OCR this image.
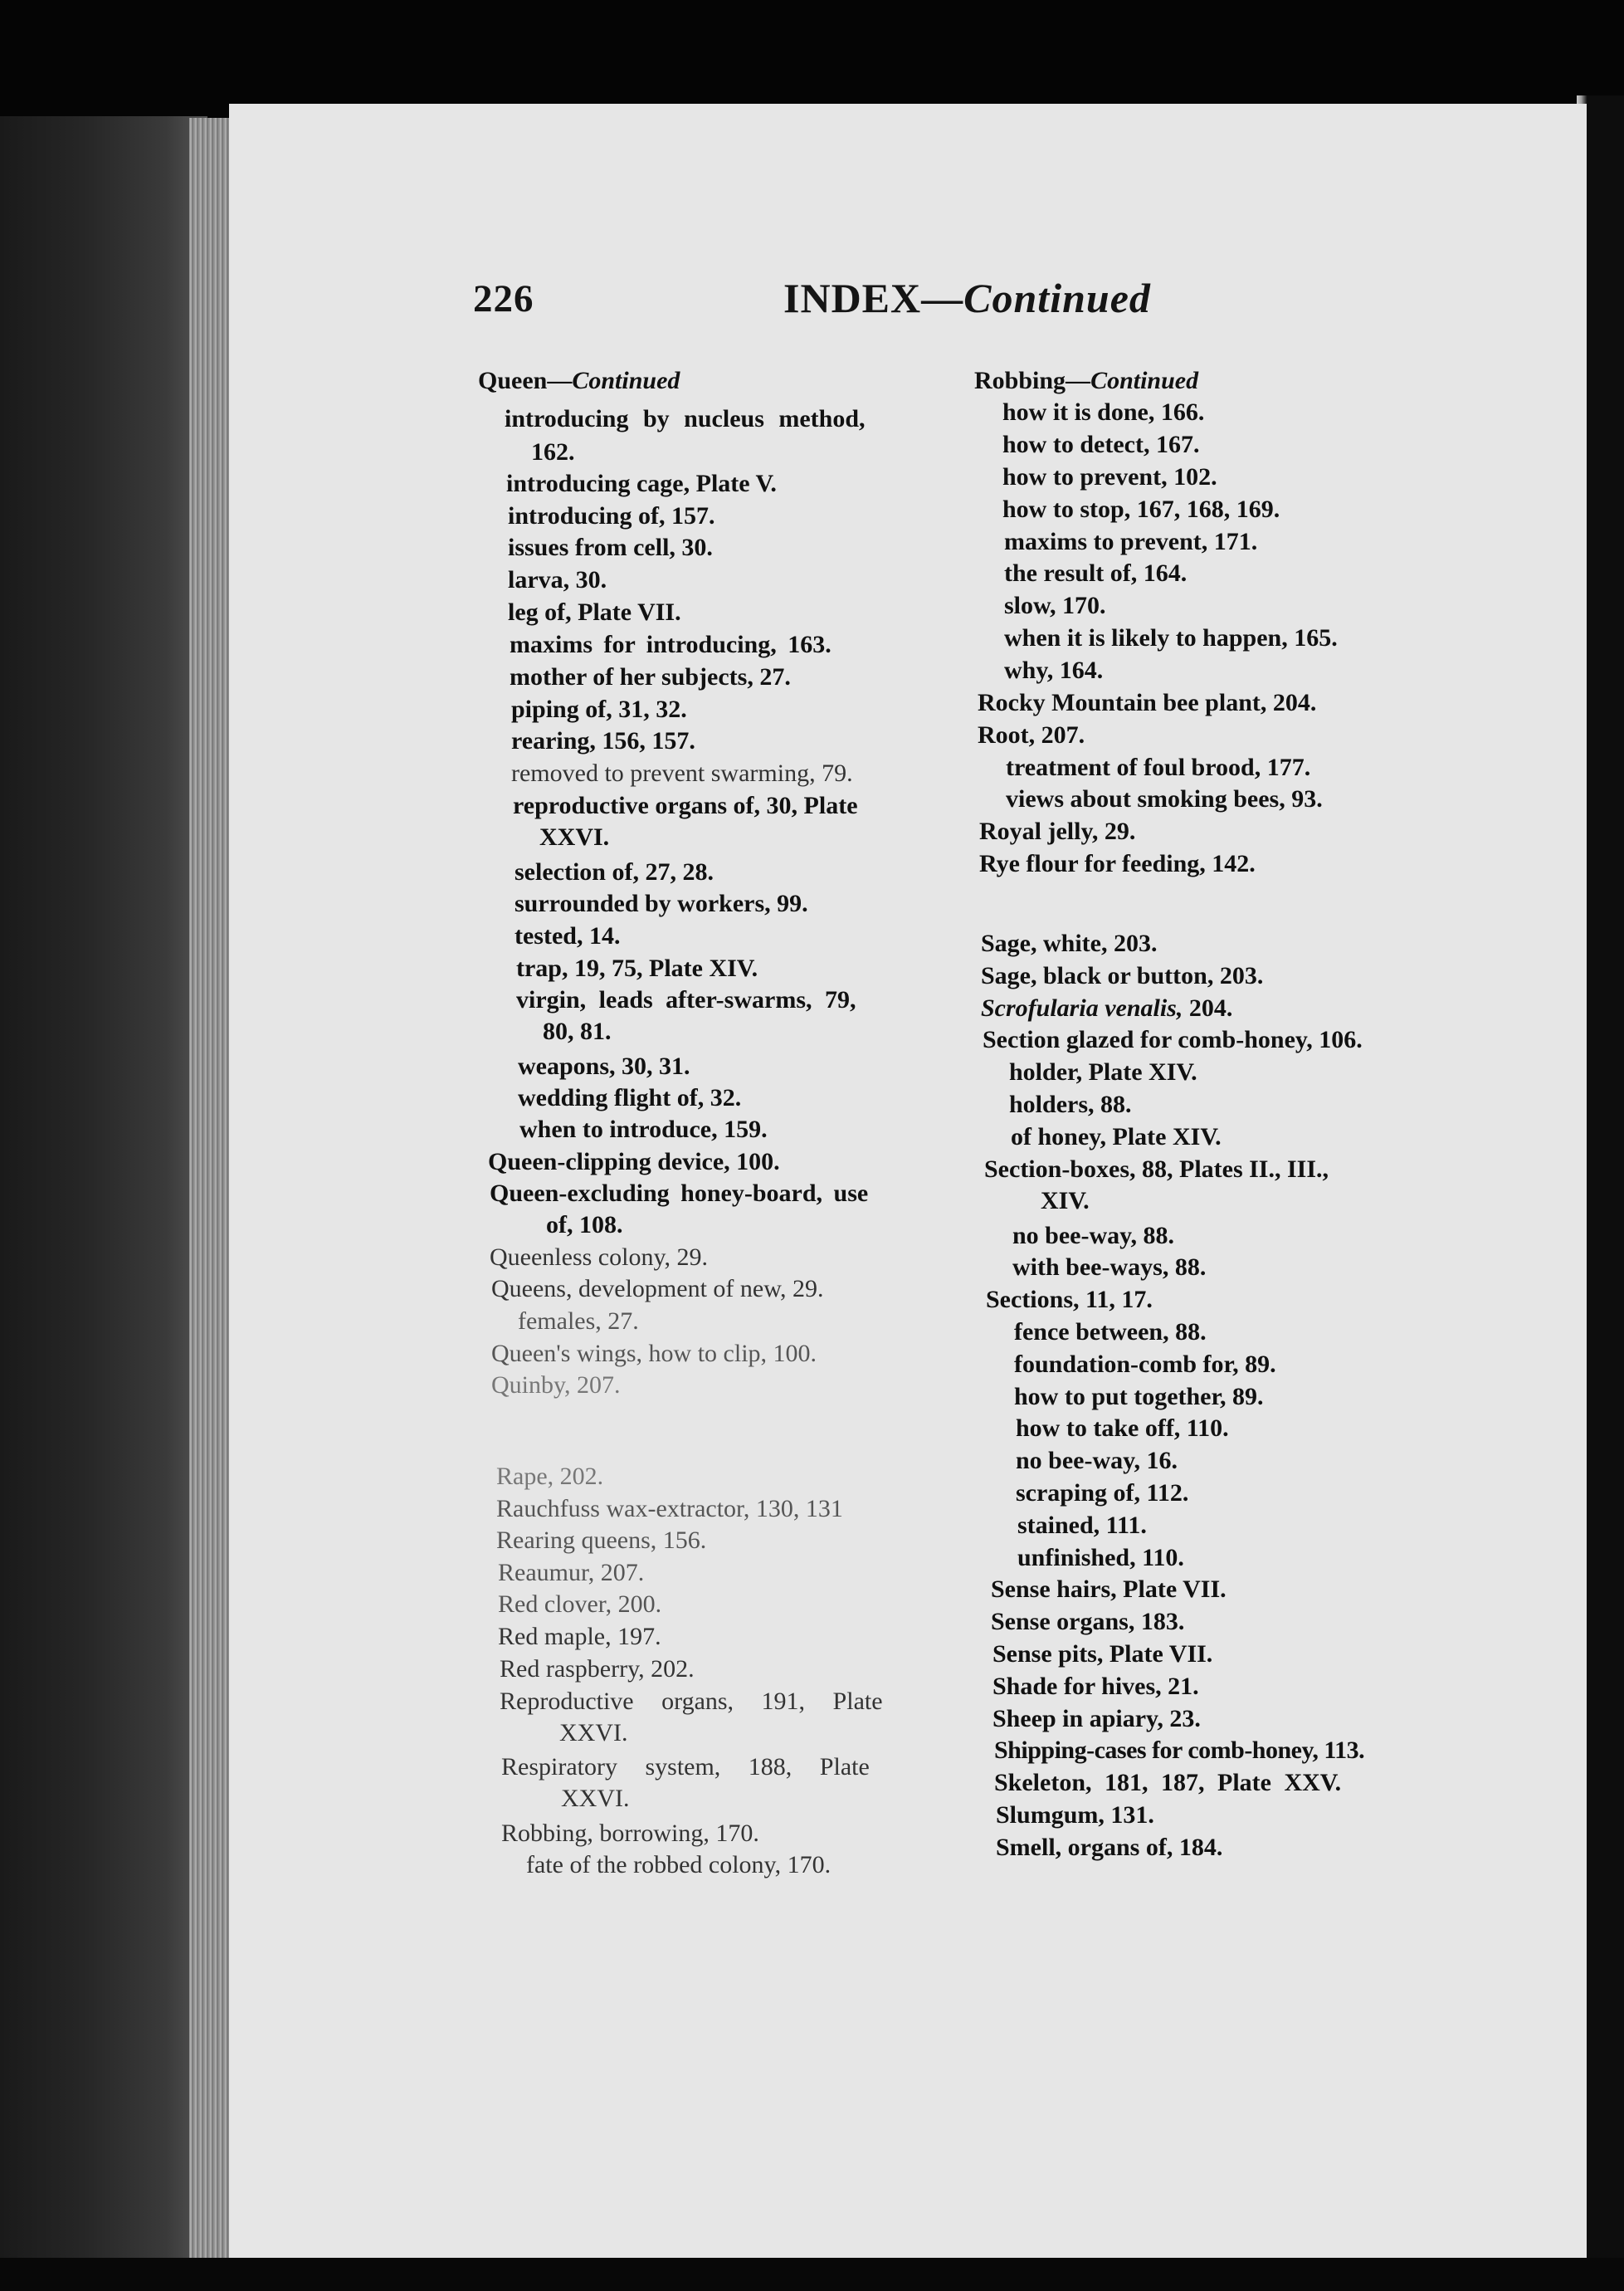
226	INDEX—Continued
Queen—Continued
introducing by nucleus method,
162.
introducing cage, Plate V.
introducing of, 157.
issues from cell, 30.
larva, 30.
leg of, Plate VII.
maxims for introducing, 163.
mother of her subjects, 27.
piping of, 31, 32.
rearing, 156, 157.
removed to prevent swarming, 79.
reproductive organs of, 30, Plate
XXVI.
selection of, 27, 28.
surrounded by workers, 99.
tested, 14.
trap, 19, 75, Plate XIV.
virgin, leads after-swarms, 79,
80, 81.
weapons, 30, 31.
wedding flight of, 32.
when to introduce, 159.
Queen-clipping device, 100.
Queen-excluding honey-board, use
of, 108.
Queenless colony, 29.
Queens, development of new, 29.
females, 27.
Queen's wings, how to clip, 100.
Quinby, 207.
Rape, 202.
Rauchfuss wax-extractor, 130, 131
Rearing queens, 156.
Reaumur, 207.
Red clover, 200.
Red maple, 197.
Red raspberry, 202.
Reproductive organs, 191, Plate
XXVI.
Respiratory system, 188, Plate
XXVI.
Robbing, borrowing, 170.
fate of the robbed colony, 170.
Robbing—Continued
how it is done, 166.
how to detect, 167.
how to prevent, 102.
how to stop, 167, 168, 169.
maxims to prevent, 171.
the result of, 164.
slow, 170.
when it is likely to happen, 165.
why, 164.
Rocky Mountain bee plant, 204.
Root, 207.
treatment of foul brood, 177.
views about smoking bees, 93.
Royal jelly, 29.
Rye flour for feeding, 142.
Sage, white, 203.
Sage, black or button, 203.
Scrofularia venalis, 204.
Section glazed for comb-honey, 106.
holder, Plate XIV.
holders, 88.
of honey, Plate XIV.
Section-boxes, 88, Plates II., III.,
XIV.
no bee-way, 88.
with bee-ways, 88.
Sections, 11, 17.
fence between, 88.
foundation-comb for, 89.
how to put together, 89.
how to take off, 110.
no bee-way, 16.
scraping of, 112.
stained, 111.
unfinished, 110.
Sense hairs, Plate VII.
Sense organs, 183.
Sense pits, Plate VII.
Shade for hives, 21.
Sheep in apiary, 23.
Shipping-cases for comb-honey, 113.
Skeleton, 181, 187, Plate XXV.
Slumgum, 131.
Smell, organs of, 184.
